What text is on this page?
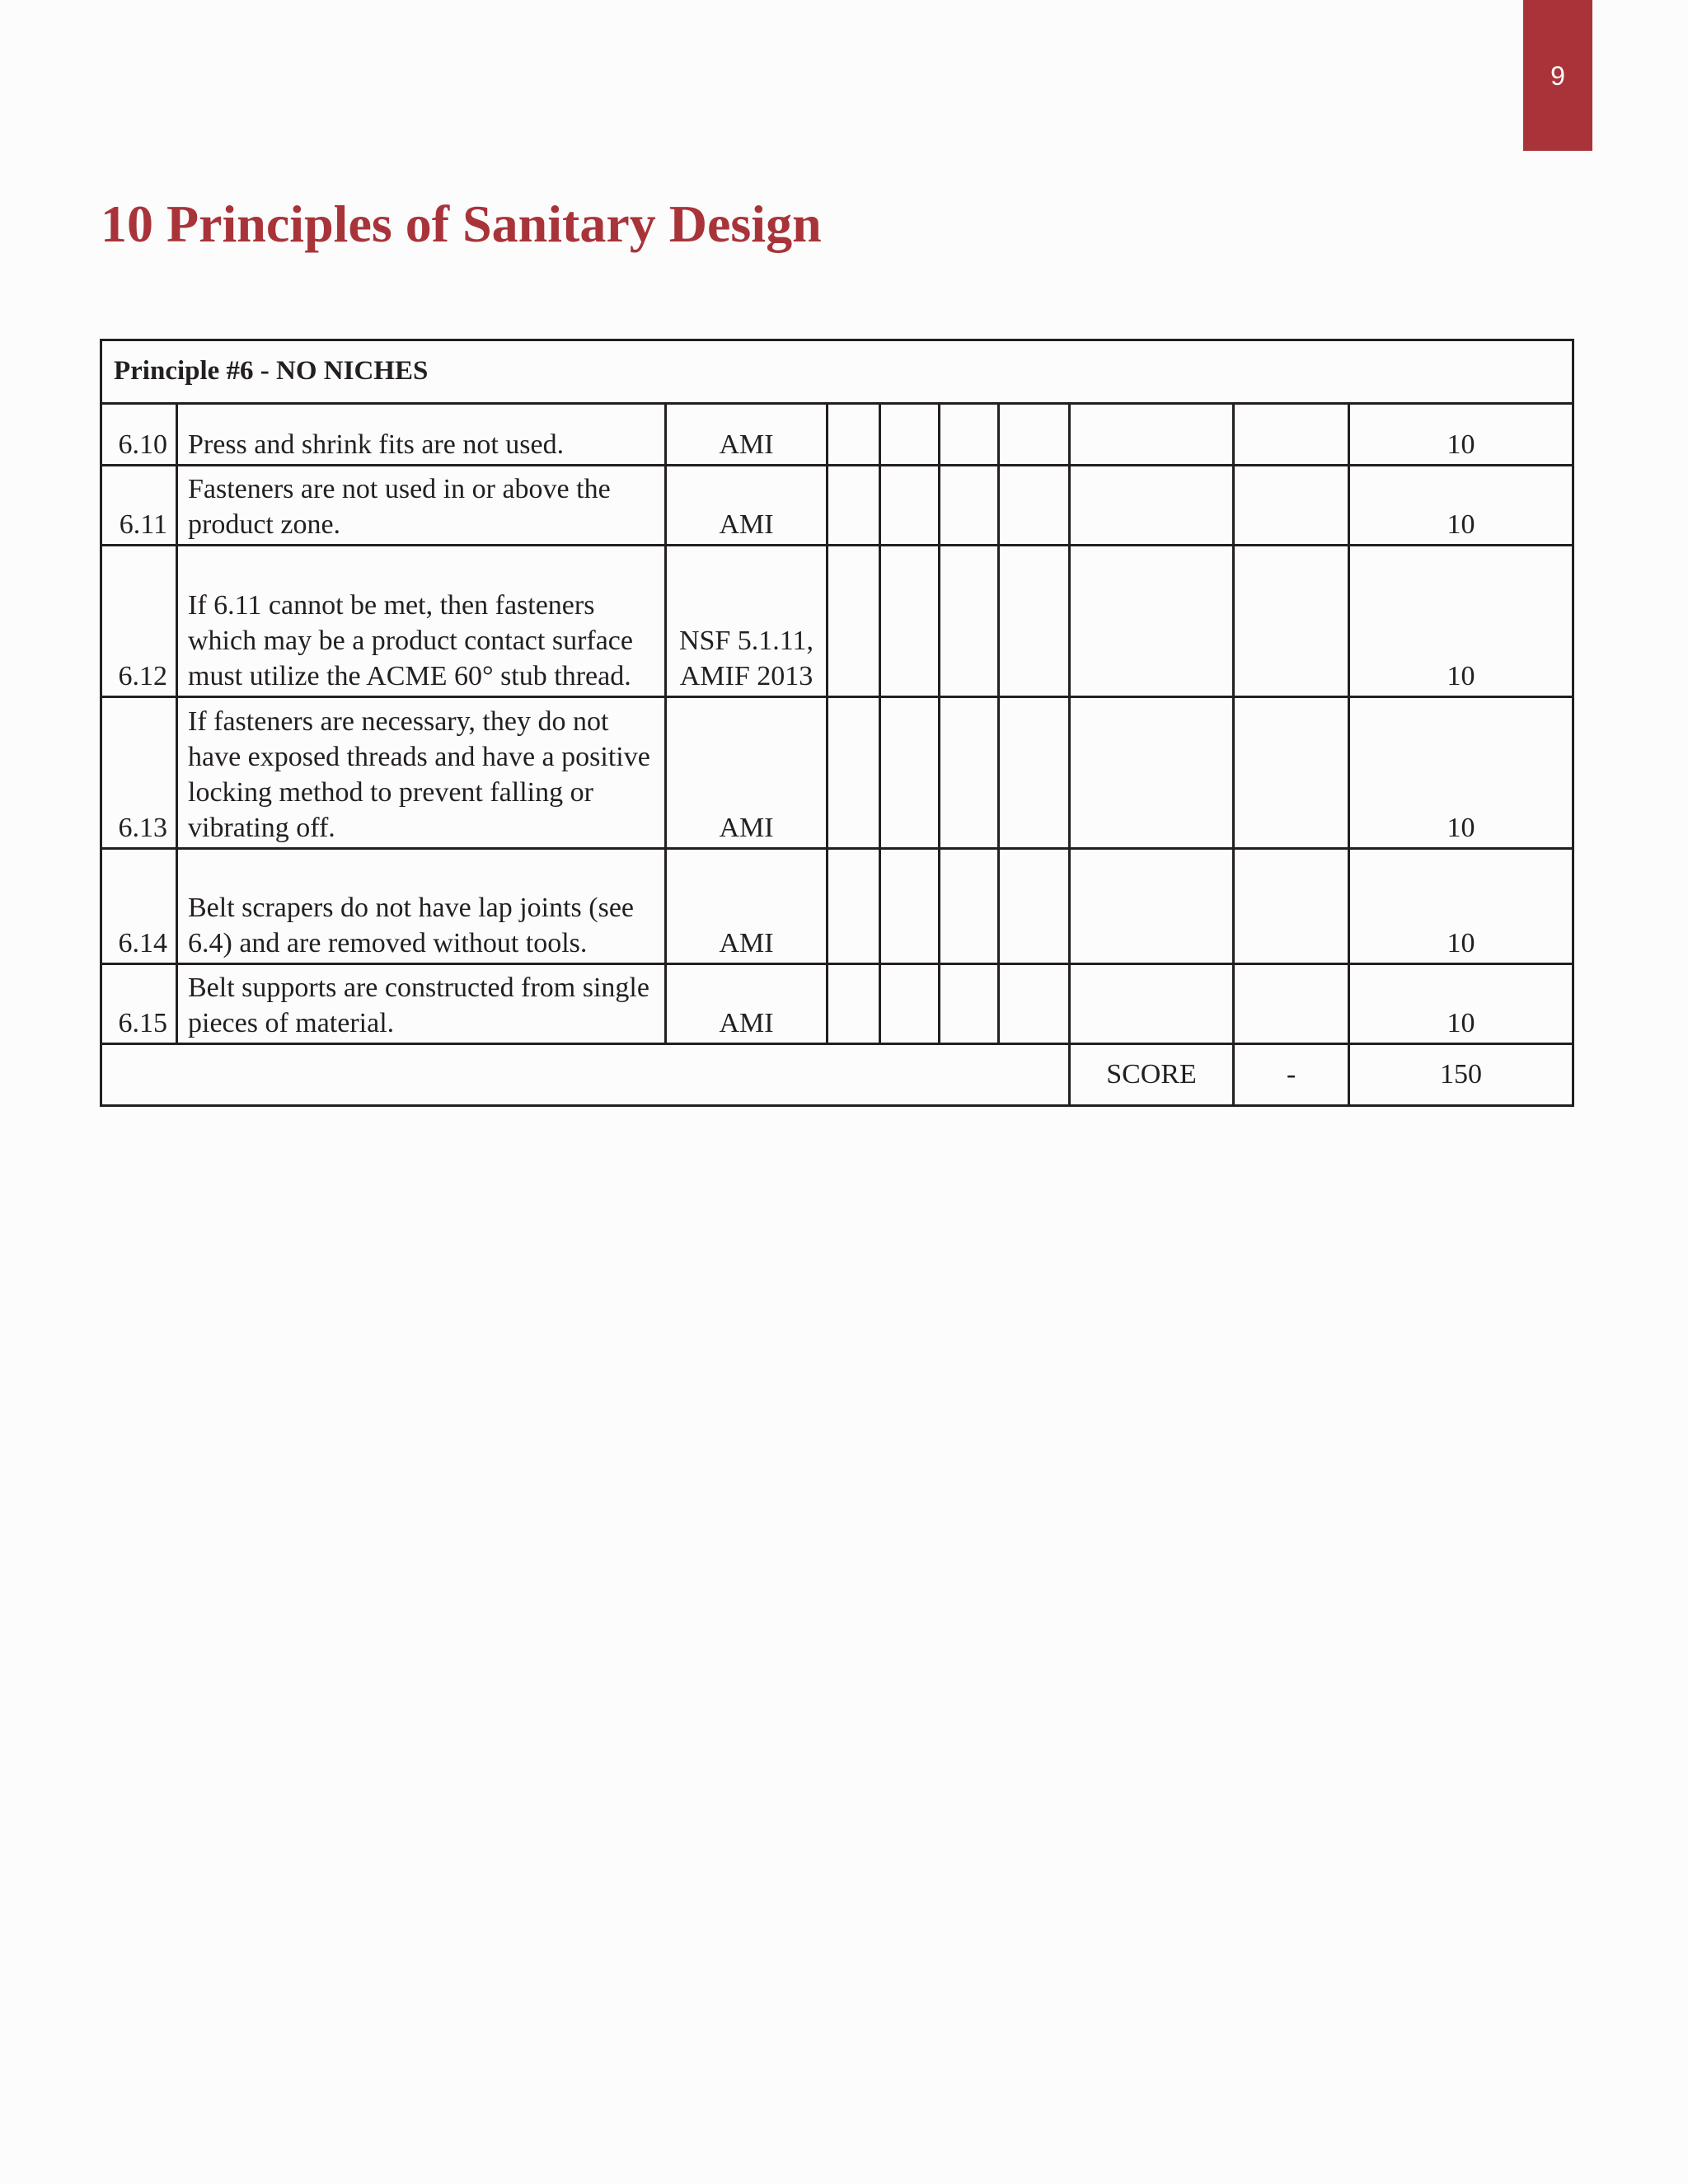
9
10 Principles of Sanitary Design
Principle #6 - NO NICHES									
6.10	Press and shrink fits are not used.	AMI							10
6.11	Fasteners are not used in or above the product zone.	AMI							10
6.12	If 6.11 cannot be met, then fasteners which may be a product contact surface must utilize the ACME 60° stub thread.	NSF 5.1.11, AMIF 2013							10
6.13	If fasteners are necessary, they do not have exposed threads and have a positive locking method to prevent falling or vibrating off.	AMI							10
6.14	Belt scrapers do not have lap joints (see 6.4) and are removed without tools.	AMI							10
6.15	Belt supports are constructed from single pieces of material.	AMI							10
							SCORE	-	150
